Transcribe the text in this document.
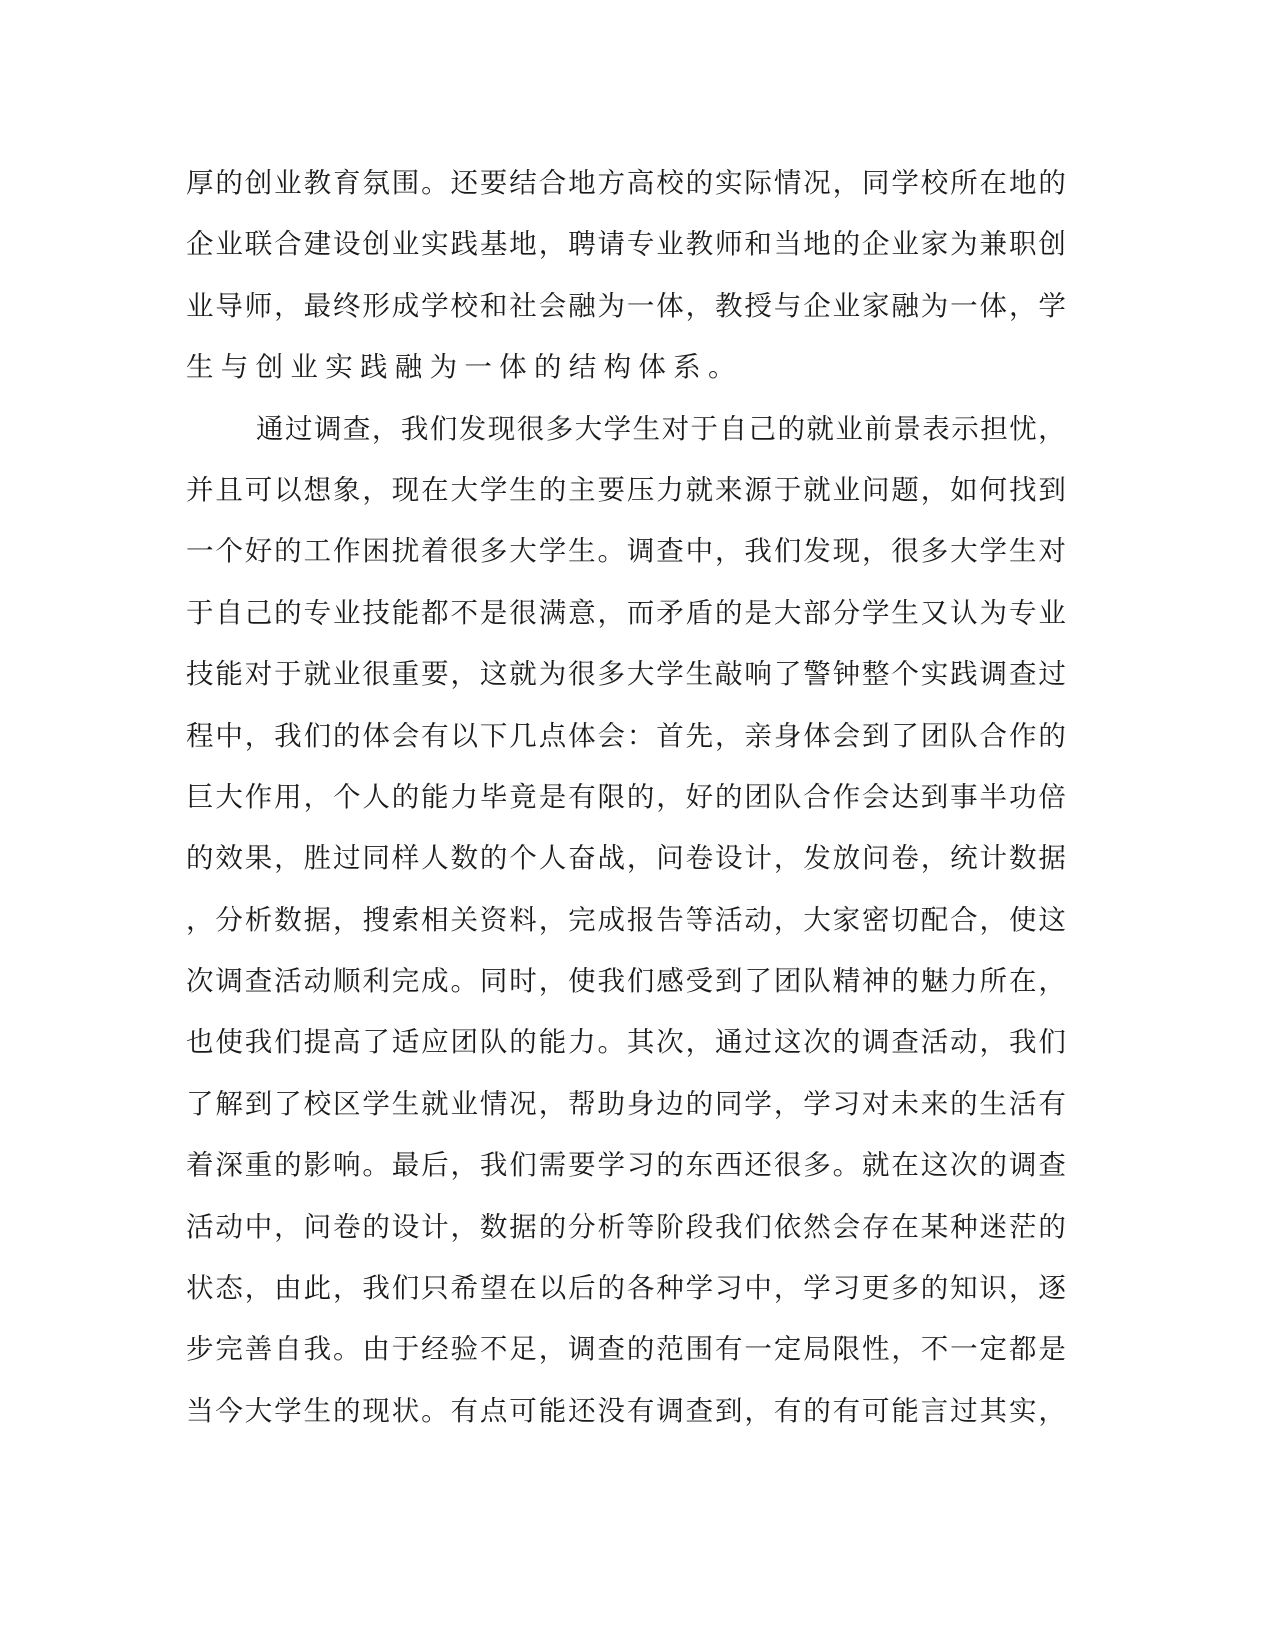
厚 的 创 业 教 育 氛 围 。 还 要 结 合 地 方 高 校 的 实 际 情 况 ， 同 学 校 所 在 地 的
企 业 联 合 建 设 创 业 实 践 基 地 ， 聘 请 专 业 教 师 和 当 地 的 企 业 家 为 兼 职 创
业 导 师 ， 最 终 形 成 学 校 和 社 会 融 为 一 体 ， 教 授 与 企 业 家 融 为 一 体 ， 学
生 与 创 业 实 践 融 为 一 体 的 结 构 体 系 。
通 过 调 查 ， 我 们 发 现 很 多 大 学 生 对 于 自 己 的 就 业 前 景 表 示 担 忧 ，
并 且 可 以 想 象 ， 现 在 大 学 生 的 主 要 压 力 就 来 源 于 就 业 问 题 ， 如 何 找 到
一 个 好 的 工 作 困 扰 着 很 多 大 学 生 。 调 查 中 ， 我 们 发 现 ， 很 多 大 学 生 对
于 自 己 的 专 业 技 能 都 不 是 很 满 意 ， 而 矛 盾 的 是 大 部 分 学 生 又 认 为 专 业
技 能 对 于 就 业 很 重 要 ， 这 就 为 很 多 大 学 生 敲 响 了 警 钟 整 个 实 践 调 查 过
程 中 ， 我 们 的 体 会 有 以 下 几 点 体 会 ： 首 先 ， 亲 身 体 会 到 了 团 队 合 作 的
巨 大 作 用 ， 个 人 的 能 力 毕 竟 是 有 限 的 ， 好 的 团 队 合 作 会 达 到 事 半 功 倍
的 效 果 ， 胜 过 同 样 人 数 的 个 人 奋 战 ， 问 卷 设 计 ， 发 放 问 卷 ， 统 计 数 据
， 分 析 数 据 ， 搜 索 相 关 资 料 ， 完 成 报 告 等 活 动 ， 大 家 密 切 配 合 ， 使 这
次 调 查 活 动 顺 利 完 成 。 同 时 ， 使 我 们 感 受 到 了 团 队 精 神 的 魅 力 所 在 ，
也 使 我 们 提 高 了 适 应 团 队 的 能 力 。 其 次 ， 通 过 这 次 的 调 查 活 动 ， 我 们
了 解 到 了 校 区 学 生 就 业 情 况 ， 帮 助 身 边 的 同 学 ， 学 习 对 未 来 的 生 活 有
着 深 重 的 影 响 。 最 后 ， 我 们 需 要 学 习 的 东 西 还 很 多 。 就 在 这 次 的 调 查
活 动 中 ， 问 卷 的 设 计 ， 数 据 的 分 析 等 阶 段 我 们 依 然 会 存 在 某 种 迷 茫 的
状 态 ， 由 此 ， 我 们 只 希 望 在 以 后 的 各 种 学 习 中 ， 学 习 更 多 的 知 识 ， 逐
步 完 善 自 我 。 由 于 经 验 不 足 ， 调 查 的 范 围 有 一 定 局 限 性 ， 不 一 定 都 是
当 今 大 学 生 的 现 状 。 有 点 可 能 还 没 有 调 查 到 ， 有 的 有 可 能 言 过 其 实 ，
